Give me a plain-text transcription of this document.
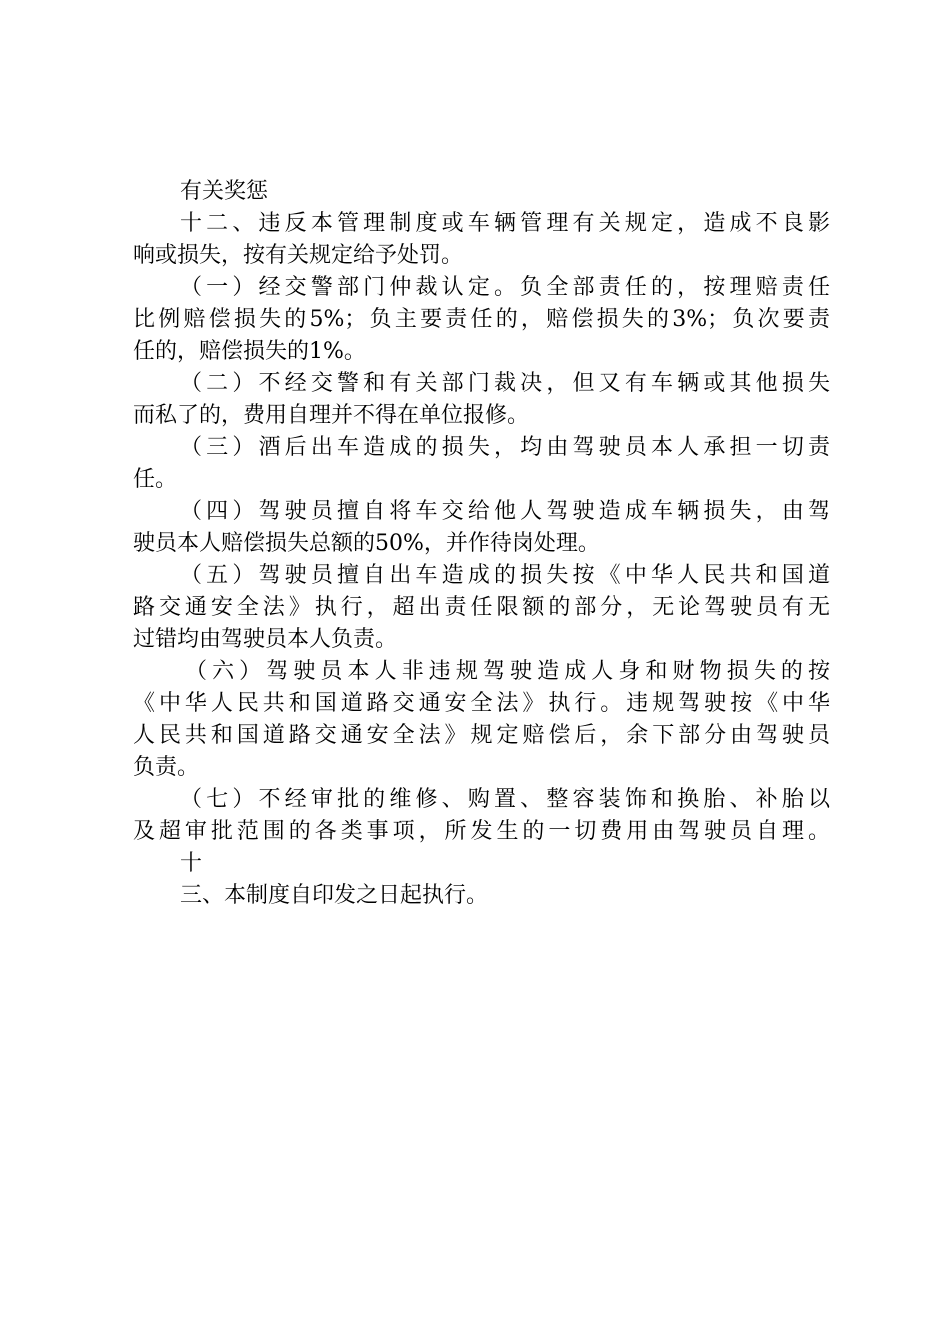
有关奖惩
十二、违反本管理制度或车辆管理有关规定，造成不良影
响或损失，按有关规定给予处罚。
（一）经交警部门仲裁认定。负全部责任的，按理赔责任
比例赔偿损失的5%；负主要责任的，赔偿损失的3%；负次要责
任的，赔偿损失的1%。
（二）不经交警和有关部门裁决，但又有车辆或其他损失
而私了的，费用自理并不得在单位报修。
（三）酒后出车造成的损失，均由驾驶员本人承担一切责
任。
（四）驾驶员擅自将车交给他人驾驶造成车辆损失，由驾
驶员本人赔偿损失总额的50%，并作待岗处理。
（五）驾驶员擅自出车造成的损失按《中华人民共和国道
路交通安全法》执行，超出责任限额的部分，无论驾驶员有无
过错均由驾驶员本人负责。
（六）驾驶员本人非违规驾驶造成人身和财物损失的按
《中华人民共和国道路交通安全法》执行。违规驾驶按《中华
人民共和国道路交通安全法》规定赔偿后，余下部分由驾驶员
负责。
（七）不经审批的维修、购置、整容装饰和换胎、补胎以
及超审批范围的各类事项，所发生的一切费用由驾驶员自理。
十
三、本制度自印发之日起执行。
